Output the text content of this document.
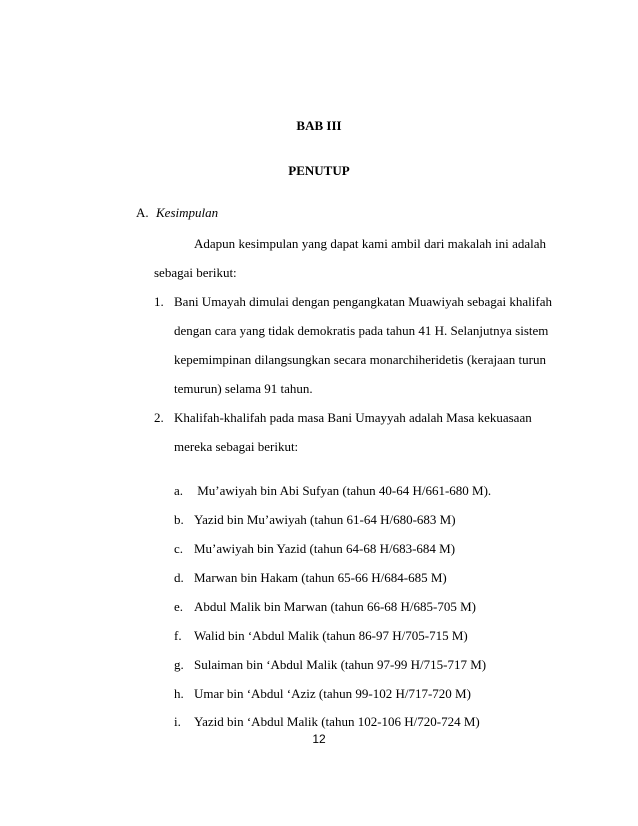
BAB III
PENUTUP
A. Kesimpulan
Adapun kesimpulan yang dapat kami ambil dari makalah ini adalah
sebagai berikut:
1. Bani Umayah dimulai dengan pengangkatan Muawiyah sebagai khalifah
dengan cara yang tidak demokratis pada tahun 41 H. Selanjutnya sistem
kepemimpinan dilangsungkan secara monarchiheridetis (kerajaan turun
temurun) selama 91 tahun.
2. Khalifah-khalifah pada masa Bani Umayyah adalah Masa kekuasaan
mereka sebagai berikut:
a. Mu’awiyah bin Abi Sufyan (tahun 40-64 H/661-680 M).
b. Yazid bin Mu’awiyah (tahun 61-64 H/680-683 M)
c. Mu’awiyah bin Yazid (tahun 64-68 H/683-684 M)
d. Marwan bin Hakam (tahun 65-66 H/684-685 M)
e. Abdul Malik bin Marwan (tahun 66-68 H/685-705 M)
f. Walid bin ‘Abdul Malik (tahun 86-97 H/705-715 M)
g. Sulaiman bin ‘Abdul Malik (tahun 97-99 H/715-717 M)
h. Umar bin ‘Abdul ‘Aziz (tahun 99-102 H/717-720 M)
i. Yazid bin ‘Abdul Malik (tahun 102-106 H/720-724 M)
12
